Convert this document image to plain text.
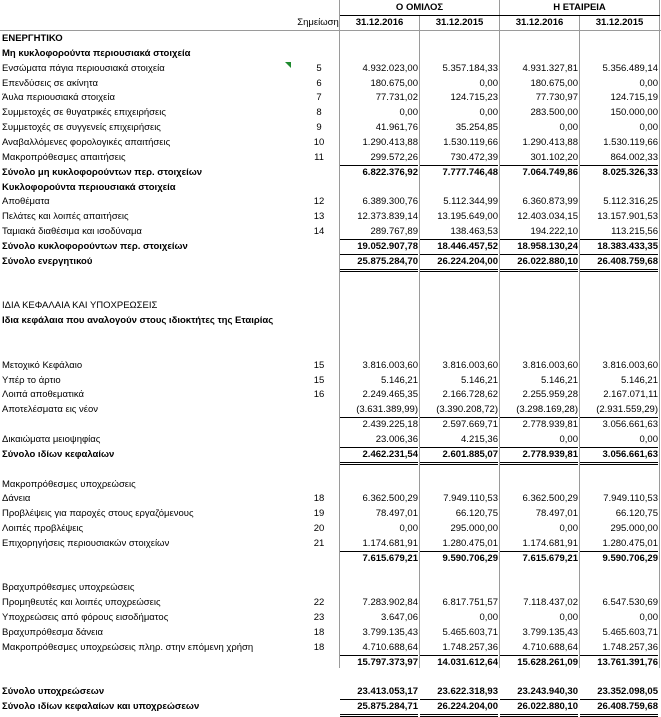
Ο ΟΜΙΛΟΣ	Η ΕΤΑΙΡΕΙΑ
Σημείωση	31.12.2016	31.12.2015	31.12.2016	31.12.2015
ΕΝΕΡΓΗΤΙΚΟ
Μη κυκλοφορούντα περιουσιακά στοιχεία
Ενσώματα πάγια περιουσιακά στοιχεία	5	4.932.023,00	5.357.184,33	4.931.327,81	5.356.489,14
Επενδύσεις σε ακίνητα	6	180.675,00	0,00	180.675,00	0,00
Άυλα περιουσιακά στοιχεία	7	77.731,02	124.715,23	77.730,97	124.715,19
Συμμετοχές σε θυγατρικές επιχειρήσεις	8	0,00	0,00	283.500,00	150.000,00
Συμμετοχές σε συγγενείς επιχειρήσεις	9	41.961,76	35.254,85	0,00	0,00
Αναβαλλόμενες φορολογικές απαιτήσεις	10	1.290.413,88	1.530.119,66	1.290.413,88	1.530.119,66
Μακροπρόθεσμες απαιτήσεις	11	299.572,26	730.472,39	301.102,20	864.002,33
Σύνολο μη κυκλοφορούντων περ. στοιχείων	6.822.376,92	7.777.746,48	7.064.749,86	8.025.326,33
Κυκλοφορούντα περιουσιακά στοιχεία
Αποθέματα	12	6.389.300,76	5.112.344,99	6.360.873,99	5.112.316,25
Πελάτες και λοιπές απαιτήσεις	13	12.373.839,14	13.195.649,00	12.403.034,15	13.157.901,53
Ταμιακά διαθέσιμα και ισοδύναμα	14	289.767,89	138.463,53	194.222,10	113.215,56
Σύνολο κυκλοφορούντων περ. στοιχείων	19.052.907,78	18.446.457,52	18.958.130,24	18.383.433,35
Σύνολο ενεργητικού	25.875.284,70	26.224.204,00	26.022.880,10	26.408.759,68
ΙΔΙΑ ΚΕΦΑΛΑΙΑ ΚΑΙ ΥΠΟΧΡΕΩΣΕΙΣ
Ιδια κεφάλαια που αναλογούν στους ιδιοκτήτες της Εταιρίας
Μετοχικό Κεφάλαιο	15	3.816.003,60	3.816.003,60	3.816.003,60	3.816.003,60
Υπέρ το άρτιο	15	5.146,21	5.146,21	5.146,21	5.146,21
Λοιπά αποθεματικά	16	2.249.465,35	2.166.728,62	2.255.959,28	2.167.071,11
Αποτελέσματα εις νέον	(3.631.389,99)	(3.390.208,72)	(3.298.169,28)	(2.931.559,29)
2.439.225,18	2.597.669,71	2.778.939,81	3.056.661,63
Δικαιώματα μειοψηφίας	23.006,36	4.215,36	0,00	0,00
Σύνολο ιδίων κεφαλαίων	2.462.231,54	2.601.885,07	2.778.939,81	3.056.661,63
Μακροπρόθεσμες υποχρεώσεις
Δάνεια	18	6.362.500,29	7.949.110,53	6.362.500,29	7.949.110,53
Προβλέψεις για παροχές στους εργαζόμενους	19	78.497,01	66.120,75	78.497,01	66.120,75
Λοιπές προβλέψεις	20	0,00	295.000,00	0,00	295.000,00
Επιχορηγήσεις περιουσιακών στοιχείων	21	1.174.681,91	1.280.475,01	1.174.681,91	1.280.475,01
7.615.679,21	9.590.706,29	7.615.679,21	9.590.706,29
Βραχυπρόθεσμες υποχρεώσεις
Προμηθευτές και λοιπές υποχρεώσεις	22	7.283.902,84	6.817.751,57	7.118.437,02	6.547.530,69
Υποχρεώσεις από φόρους εισοδήματος	23	3.647,06	0,00	0,00	0,00
Βραχυπρόθεσμα δάνεια	18	3.799.135,43	5.465.603,71	3.799.135,43	5.465.603,71
Μακροπρόθεσμες υποχρεώσεις πληρ. στην επόμενη χρήση	18	4.710.688,64	1.748.257,36	4.710.688,64	1.748.257,36
15.797.373,97	14.031.612,64	15.628.261,09	13.761.391,76
Σύνολο υποχρεώσεων	23.413.053,17	23.622.318,93	23.243.940,30	23.352.098,05
Σύνολο ιδίων κεφαλαίων και υποχρεώσεων	25.875.284,71	26.224.204,00	26.022.880,10	26.408.759,68
